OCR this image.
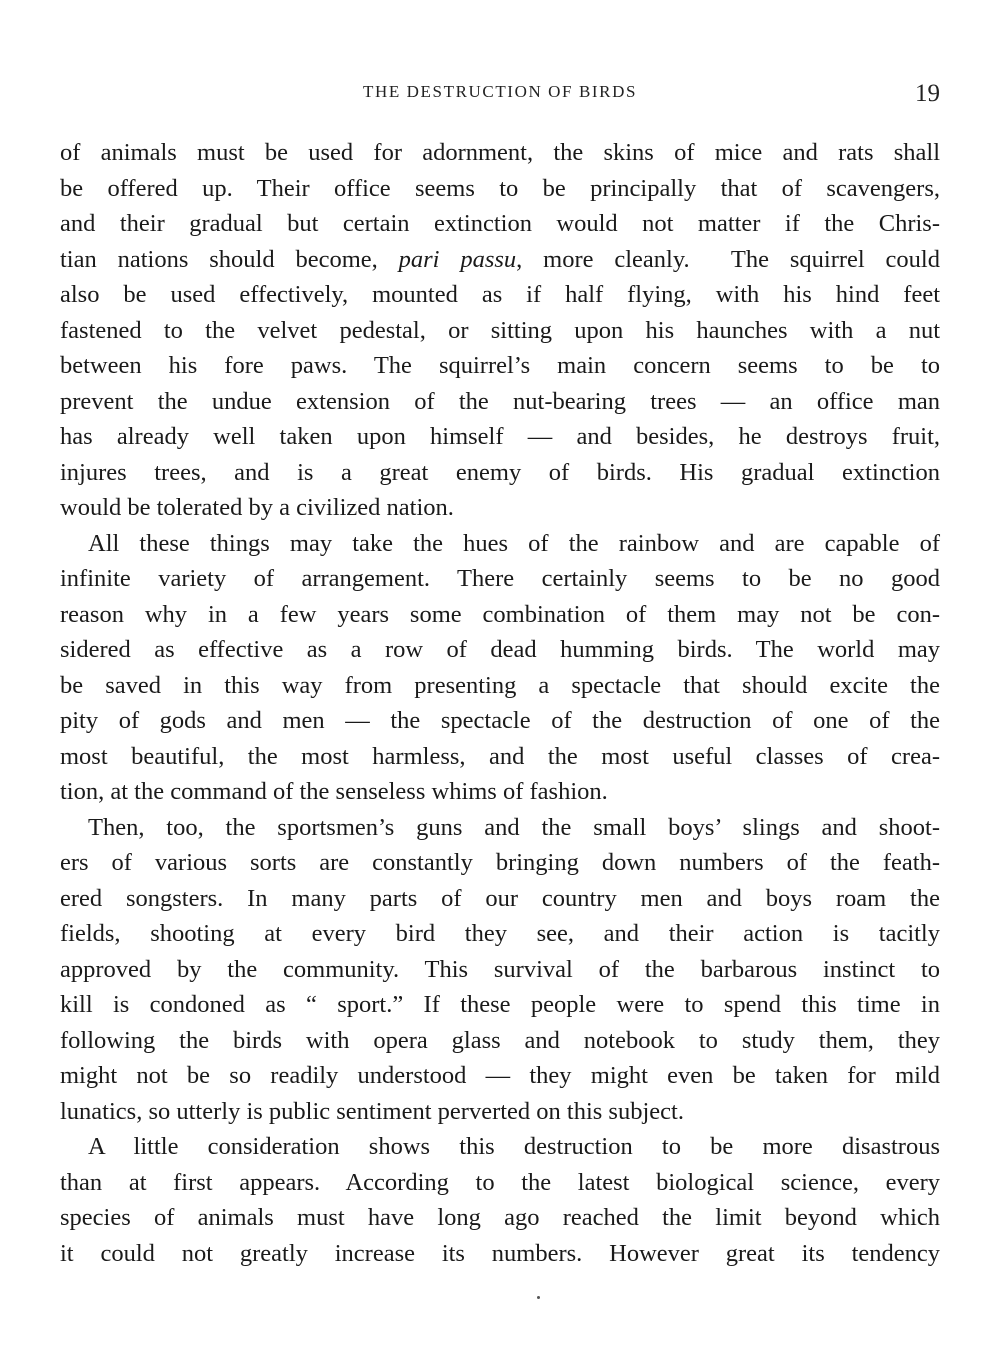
THE DESTRUCTION OF BIRDS	19
of animals must be used for adornment, the skins of mice and rats shall
be offered up. Their office seems to be principally that of scavengers,
and their gradual but certain extinction would not matter if the Chris-
tian nations should become, pari passu, more cleanly.  The squirrel could
also be used effectively, mounted as if half flying, with his hind feet
fastened to the velvet pedestal, or sitting upon his haunches with a nut
between his fore paws. The squirrel’s main concern seems to be to
prevent the undue extension of the nut-bearing trees — an office man
has already well taken upon himself — and besides, he destroys fruit,
injures trees, and is a great enemy of birds. His gradual extinction
would be tolerated by a civilized nation.
All these things may take the hues of the rainbow and are capable of
infinite variety of arrangement. There certainly seems to be no good
reason why in a few years some combination of them may not be con-
sidered as effective as a row of dead humming birds. The world may
be saved in this way from presenting a spectacle that should excite the
pity of gods and men — the spectacle of the destruction of one of the
most beautiful, the most harmless, and the most useful classes of crea-
tion, at the command of the senseless whims of fashion.
Then, too, the sportsmen’s guns and the small boys’ slings and shoot-
ers of various sorts are constantly bringing down numbers of the feath-
ered songsters. In many parts of our country men and boys roam the
fields, shooting at every bird they see, and their action is tacitly
approved by the community. This survival of the barbarous instinct to
kill is condoned as “ sport.” If these people were to spend this time in
following the birds with opera glass and notebook to study them, they
might not be so readily understood — they might even be taken for mild
lunatics, so utterly is public sentiment perverted on this subject.
A little consideration shows this destruction to be more disastrous
than at first appears. According to the latest biological science, every
species of animals must have long ago reached the limit beyond which
it could not greatly increase its numbers. However great its tendency
